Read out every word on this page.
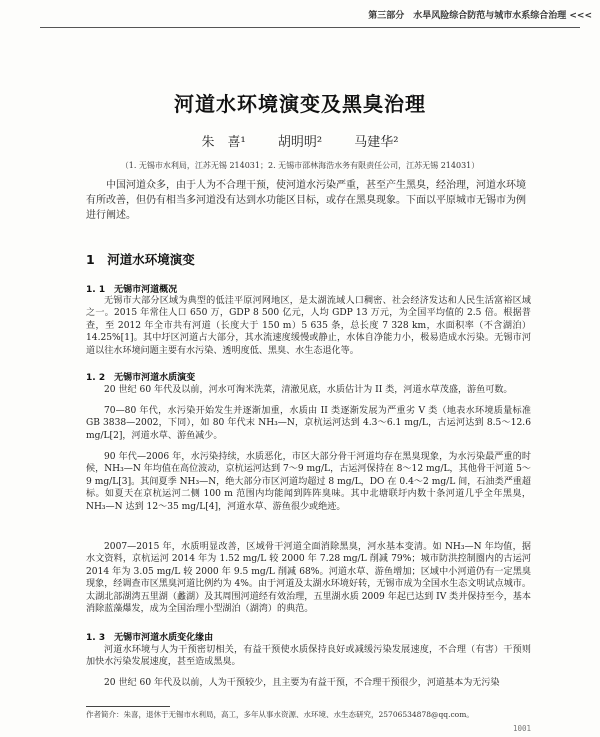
第三部分　水旱风险综合防范与城市水系综合治理 <<<
河道水环境演变及黑臭治理
朱　喜¹ 胡明明² 马建华²
（1. 无锡市水利局，江苏无锡 214031；2. 无锡市邵林海浩水务有限责任公司，江苏无锡 214031）
中国河道众多，由于人为不合理干预，使河道水污染严重，甚至产生黑臭，经治理，河道水环境有所改善，但仍有相当多河道没有达到水功能区目标，或存在黑臭现象。下面以平原城市无锡市为例进行阐述。
1　河道水环境演变
1. 1　无锡市河道概况
无锡市大部分区域为典型的低洼平原河网地区，是太湖流域人口稠密、社会经济发达和人民生活富裕区域之一。2015 年常住人口 650 万，GDP 8 500 亿元，人均 GDP 13 万元，为全国平均值的 2.5 倍。根据普查，至 2012 年全市共有河道（长度大于 150 m）5 635 条，总长度 7 328 km，水面积率（不含湖泊）14.25%[1]。其中圩区河道占大部分，其水流速度缓慢或静止，水体自净能力小，极易造成水污染。无锡市河道以往水环境问题主要有水污染、透明度低、黑臭、水生态退化等。
1. 2　无锡市河道水质演变
20 世纪 60 年代及以前，河水可淘米洗菜，清澈见底，水质估计为 II 类，河道水草茂盛，游鱼可数。
70—80 年代，水污染开始发生并逐渐加重，水质由 II 类逐渐发展为严重劣 V 类（地表水环境质量标准 GB 3838—2002，下同），如 80 年代末 NH₃—N，京杭运河达到 4.3～6.1 mg/L，古运河达到 8.5～12.6 mg/L[2]，河道水草、游鱼减少。
90 年代—2006 年，水污染持续，水质恶化，市区大部分骨干河道均存在黑臭现象，为水污染最严重的时候，NH₃—N 年均值在高位波动，京杭运河达到 7～9 mg/L，古运河保持在 8～12 mg/L，其他骨干河道 5～9 mg/L[3]。其间夏季 NH₃—N，绝大部分市区河道均超过 8 mg/L，DO 在 0.4～2 mg/L 间，石油类严重超标。如夏天在京杭运河二侧 100 m 范围内均能闻到阵阵臭味。其中北塘联圩内数十条河道几乎全年黑臭，NH₃—N 达到 12～35 mg/L[4]，河道水草、游鱼很少或绝迹。
2007—2015 年，水质明显改善，区域骨干河道全面消除黑臭，河水基本变清。如 NH₃—N 年均值，据水文资料，京杭运河 2014 年为 1.52 mg/L 较 2000 年 7.28 mg/L 削减 79%；城市防洪控制圈内的古运河 2014 年为 3.05 mg/L 较 2000 年 9.5 mg/L 削减 68%。河道水草、游鱼增加；区域中小河道仍有一定黑臭现象，经调查市区黑臭河道比例约为 4%。由于河道及太湖水环境好转，无锡市成为全国水生态文明试点城市。太湖北部湖湾五里湖（蠡湖）及其周围河道经有效治理，五里湖水质 2009 年起已达到 IV 类并保持至今，基本消除蓝藻爆发，成为全国治理小型湖泊（湖湾）的典范。
1. 3　无锡市河道水质变化缘由
河道水环境与人为干预密切相关，有益干预使水质保持良好或减缓污染发展速度，不合理（有害）干预则加快水污染发展速度，甚至造成黑臭。
20 世纪 60 年代及以前，人为干预较少，且主要为有益干预，不合理干预很少，河道基本为无污染
作者简介：朱喜，退休于无锡市水利局，高工，多年从事水资源、水环境、水生态研究，25706534878@qq.com。
1001
